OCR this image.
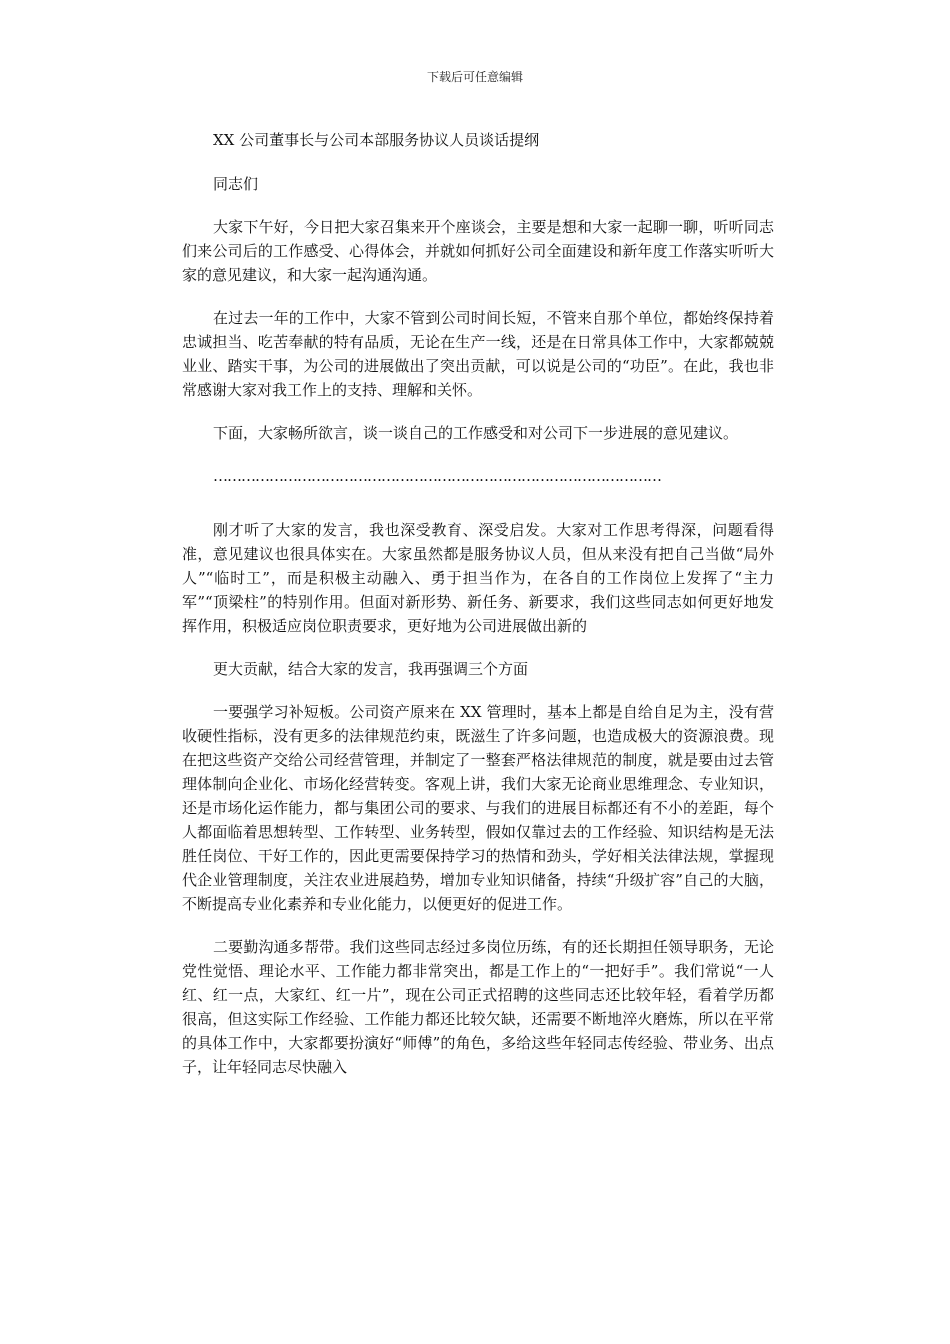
下载后可任意编辑

XX 公司董事长与公司本部服务协议人员谈话提纲

同志们

大家下午好，今日把大家召集来开个座谈会，主要是想和大家一起聊一聊，听听同志们来公司后的工作感受、心得体会，并就如何抓好公司全面建设和新年度工作落实听听大家的意见建议，和大家一起沟通沟通。

在过去一年的工作中，大家不管到公司时间长短，不管来自那个单位，都始终保持着忠诚担当、吃苦奉献的特有品质，无论在生产一线，还是在日常具体工作中，大家都兢兢业业、踏实干事，为公司的进展做出了突出贡献，可以说是公司的“功臣”。在此，我也非常感谢大家对我工作上的支持、理解和关怀。

下面，大家畅所欲言，谈一谈自己的工作感受和对公司下一步进展的意见建议。

……………………………………………………………………………………

刚才听了大家的发言，我也深受教育、深受启发。大家对工作思考得深，问题看得准，意见建议也很具体实在。大家虽然都是服务协议人员，但从来没有把自己当做“局外人”“临时工”，而是积极主动融入、勇于担当作为，在各自的工作岗位上发挥了“主力军”“顶梁柱”的特别作用。但面对新形势、新任务、新要求，我们这些同志如何更好地发挥作用，积极适应岗位职责要求，更好地为公司进展做出新的

更大贡献，结合大家的发言，我再强调三个方面

一要强学习补短板。公司资产原来在 XX 管理时，基本上都是自给自足为主，没有营收硬性指标，没有更多的法律规范约束，既滋生了许多问题，也造成极大的资源浪费。现在把这些资产交给公司经营管理，并制定了一整套严格法律规范的制度，就是要由过去管理体制向企业化、市场化经营转变。客观上讲，我们大家无论商业思维理念、专业知识，还是市场化运作能力，都与集团公司的要求、与我们的进展目标都还有不小的差距，每个人都面临着思想转型、工作转型、业务转型，假如仅靠过去的工作经验、知识结构是无法胜任岗位、干好工作的，因此更需要保持学习的热情和劲头，学好相关法律法规，掌握现代企业管理制度，关注农业进展趋势，增加专业知识储备，持续“升级扩容”自己的大脑，不断提高专业化素养和专业化能力，以便更好的促进工作。

二要勤沟通多帮带。我们这些同志经过多岗位历练，有的还长期担任领导职务，无论党性觉悟、理论水平、工作能力都非常突出，都是工作上的“一把好手”。我们常说“一人红、红一点，大家红、红一片”，现在公司正式招聘的这些同志还比较年轻，看着学历都很高，但这实际工作经验、工作能力都还比较欠缺，还需要不断地淬火磨炼，所以在平常的具体工作中，大家都要扮演好“师傅”的角色，多给这些年轻同志传经验、带业务、出点子，让年轻同志尽快融入
